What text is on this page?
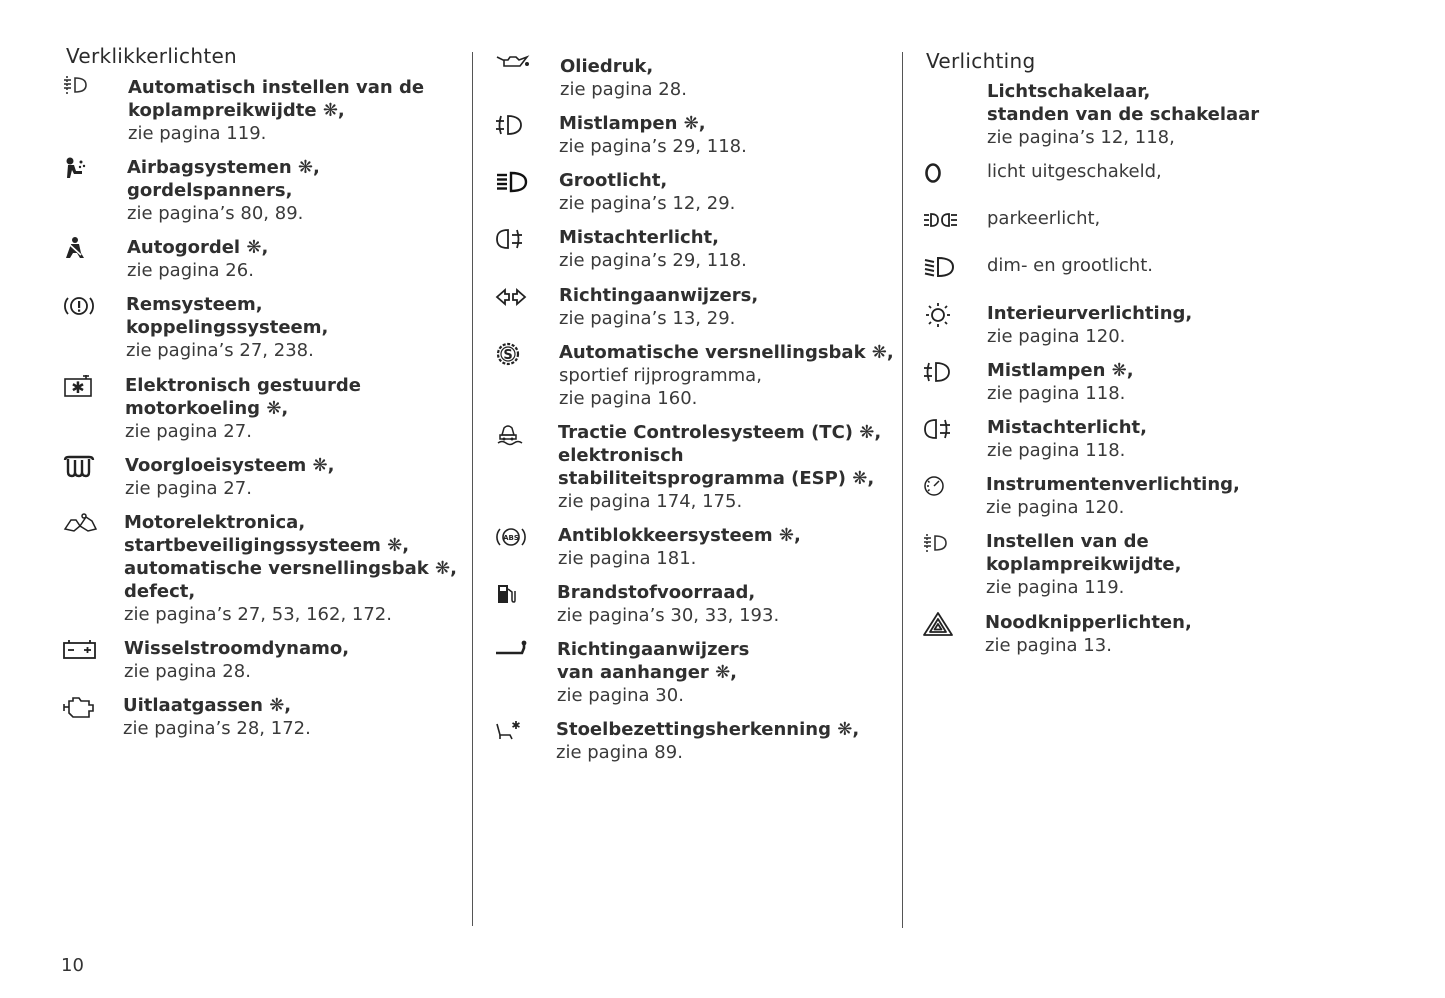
Verklikkerlichten
Automatisch instellen van de
koplampreikwijdte ❋,
zie pagina 119.
Airbagsystemen ❋,
gordelspanners,
zie pagina’s 80, 89.
Autogordel ❋,
zie pagina 26.
Remsysteem,
koppelingssysteem,
zie pagina’s 27, 238.
✱ Elektronisch gestuurde
motorkoeling ❋,
zie pagina 27.
Voorgloeisysteem ❋,
zie pagina 27.
Motorelektronica,
startbeveiligingssysteem ❋,
automatische versnellingsbak ❋,
defect,
zie pagina’s 27, 53, 162, 172.
Wisselstroomdynamo,
zie pagina 28.
Uitlaatgassen ❋,
zie pagina’s 28, 172.
Oliedruk,
zie pagina 28.
Mistlampen ❋,
zie pagina’s 29, 118.
Grootlicht,
zie pagina’s 12, 29.
Mistachterlicht,
zie pagina’s 29, 118.
Richtingaanwijzers,
zie pagina’s 13, 29.
S	Automatische versnellingsbak ❋,
sportief rijprogramma,
zie pagina 160.
Tractie Controlesysteem (TC) ❋,
elektronisch
stabiliteitsprogramma (ESP) ❋,
zie pagina 174, 175.
ABS Antiblokkeersysteem ❋,
zie pagina 181.
Brandstofvoorraad,
zie pagina’s 30, 33, 193.
Richtingaanwijzers
van aanhanger ❋,
zie pagina 30.
✱ Stoelbezettingsherkenning ❋,
zie pagina 89.
Verlichting
Lichtschakelaar,
standen van de schakelaar
zie pagina’s 12, 118,
licht uitgeschakeld,
parkeerlicht,
dim- en grootlicht.
Interieurverlichting,
zie pagina 120.
Mistlampen ❋,
zie pagina 118.
Mistachterlicht,
zie pagina 118.
Instrumentenverlichting,
zie pagina 120.
Instellen van de
koplampreikwijdte,
zie pagina 119.
Noodknipperlichten,
zie pagina 13.
10
